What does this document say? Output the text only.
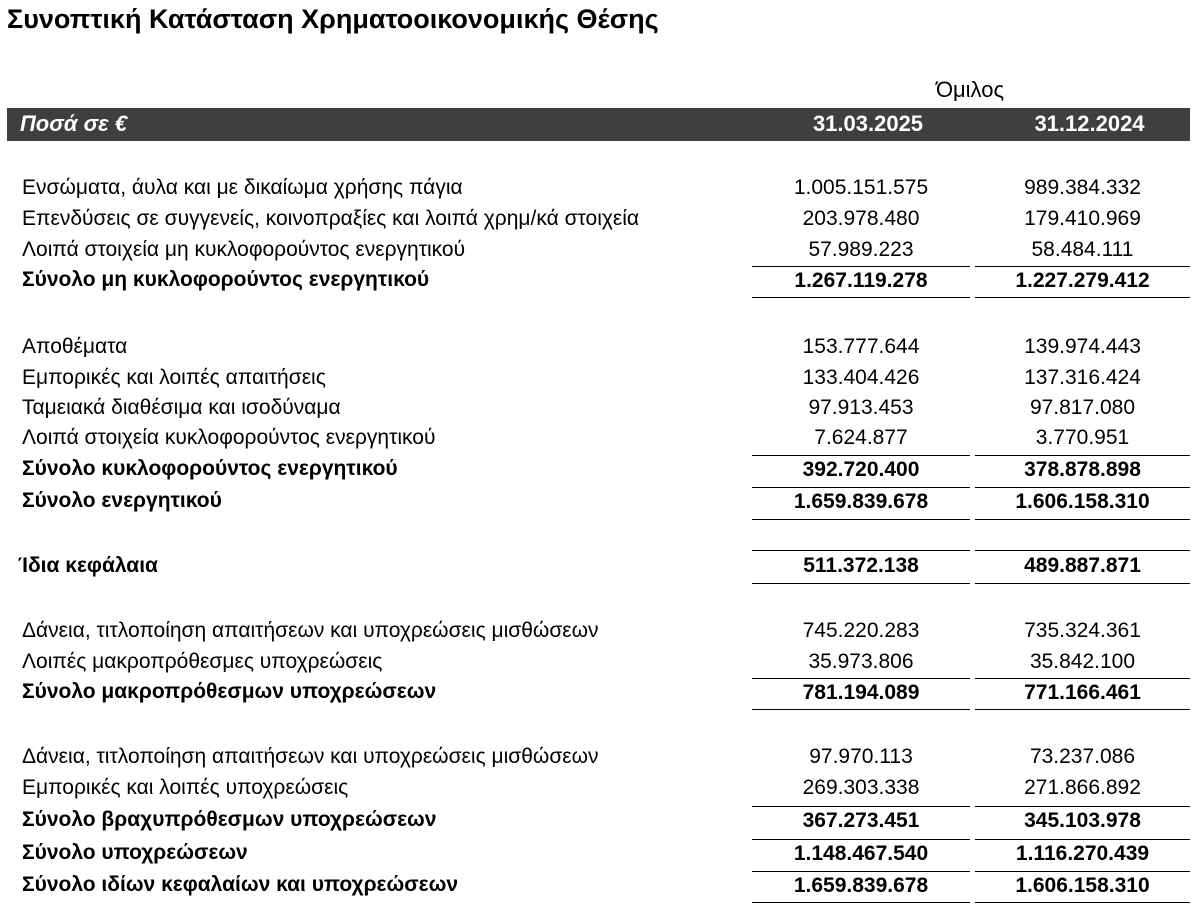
Συνοπτική Κατάσταση Χρηματοοικονομικής Θέσης
Όμιλος
Ποσά σε €	31.03.2025	31.12.2024
Ενσώματα, άυλα και με δικαίωμα χρήσης πάγια	1.005.151.575	989.384.332
Επενδύσεις σε συγγενείς, κοινοπραξίες και λοιπά χρημ/κά στοιχεία	203.978.480	179.410.969
Λοιπά στοιχεία μη κυκλοφορούντος ενεργητικού	57.989.223	58.484.111
Σύνολο μη κυκλοφορούντος ενεργητικού	1.267.119.278	1.227.279.412
Αποθέματα	153.777.644	139.974.443
Εμπορικές και λοιπές απαιτήσεις	133.404.426	137.316.424
Ταμειακά διαθέσιμα και ισοδύναμα	97.913.453	97.817.080
Λοιπά στοιχεία κυκλοφορούντος ενεργητικού	7.624.877	3.770.951
Σύνολο κυκλοφορούντος ενεργητικού	392.720.400	378.878.898
Σύνολο ενεργητικού	1.659.839.678	1.606.158.310
Ίδια κεφάλαια	511.372.138	489.887.871
Δάνεια, τιτλοποίηση απαιτήσεων και υποχρεώσεις μισθώσεων	745.220.283	735.324.361
Λοιπές μακροπρόθεσμες υποχρεώσεις	35.973.806	35.842.100
Σύνολο μακροπρόθεσμων υποχρεώσεων	781.194.089	771.166.461
Δάνεια, τιτλοποίηση απαιτήσεων και υποχρεώσεις μισθώσεων	97.970.113	73.237.086
Εμπορικές και λοιπές υποχρεώσεις	269.303.338	271.866.892
Σύνολο βραχυπρόθεσμων υποχρεώσεων	367.273.451	345.103.978
Σύνολο υποχρεώσεων	1.148.467.540	1.116.270.439
Σύνολο ιδίων κεφαλαίων και υποχρεώσεων	1.659.839.678	1.606.158.310
